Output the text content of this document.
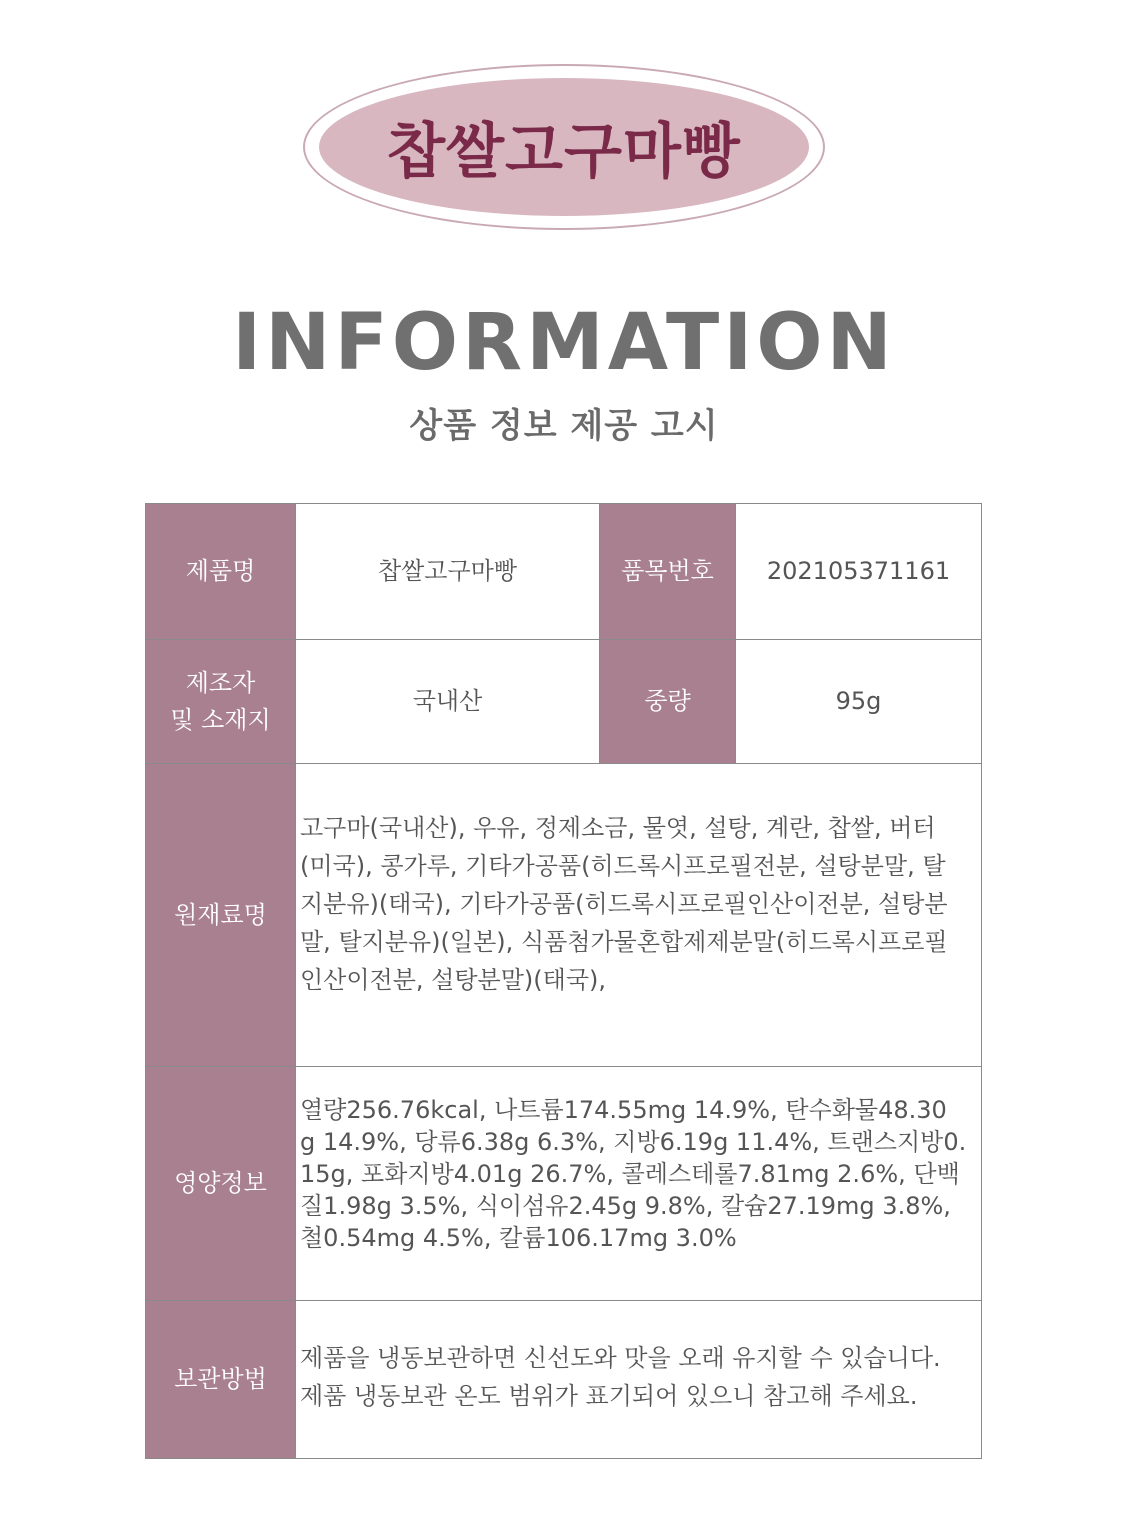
찹쌀고구마빵
INFORMATION
상품 정보 제공 고시
제품명	찹쌀고구마빵	품목번호	202105371161

제조자
및 소재지	국내산	중량	95g
원재료명	고구마(국내산), 우유, 정제소금, 물엿, 설탕, 계란, 찹쌀, 버터
(미국), 콩가루, 기타가공품(히드록시프로필전분, 설탕분말, 탈
지분유)(태국), 기타가공품(히드록시프로필인산이전분, 설탕분
말, 탈지분유)(일본), 식품첨가물혼합제제분말(히드록시프로필
인산이전분, 설탕분말)(태국),		

영양정보	열량256.76kcal, 나트륨174.55mg 14.9%, 탄수화물48.30
g 14.9%, 당류6.38g 6.3%, 지방6.19g 11.4%, 트랜스지방0.
15g, 포화지방4.01g 26.7%, 콜레스테롤7.81mg 2.6%, 단백
질1.98g 3.5%, 식이섬유2.45g 9.8%, 칼슘27.19mg 3.8%,
철0.54mg 4.5%, 칼륨106.17mg 3.0%		

보관방법	제품을 냉동보관하면 신선도와 맛을 오래 유지할 수 있습니다.
제품 냉동보관 온도 범위가 표기되어 있으니 참고해 주세요.		
